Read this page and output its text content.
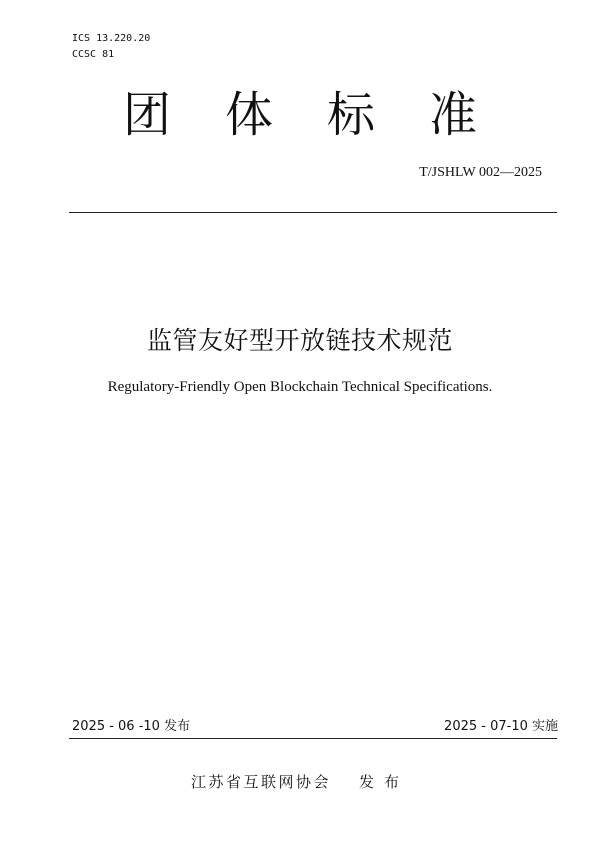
ICS 13.220.20
CCSC 81
团体标准
T/JSHLW 002—2025
监管友好型开放链技术规范
Regulatory-Friendly Open Blockchain Technical Specifications.
2025 - 06 -10 发布	2025 - 07-10 实施
江苏省互联网协会 发布
